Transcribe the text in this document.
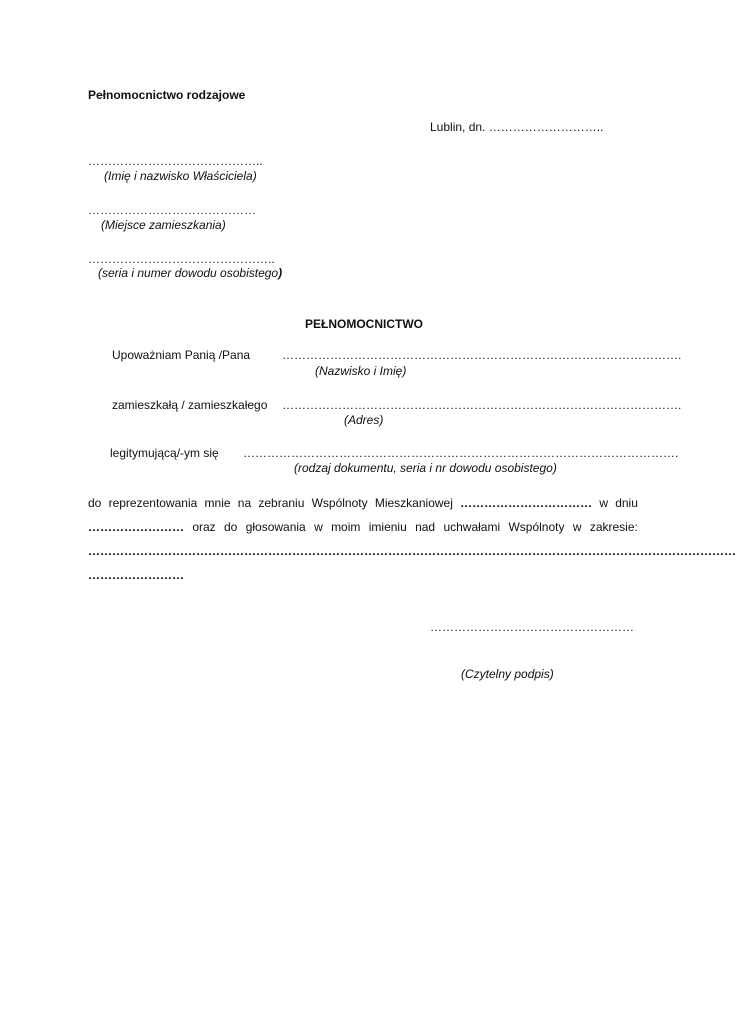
Pełnomocnictwo rodzajowe
Lublin, dn. ………………………..
……………………………………..
(Imię i nazwisko Właściciela)
……………………………………
(Miejsce zamieszkania)
………………………………………..
(seria i numer dowodu osobistego)
PEŁNOMOCNICTWO
Upoważniam Panią /Pana	……………………………………………………………………………………….
(Nazwisko i Imię)
zamieszkałą / zamieszkałego ……………………………………………………………………………………….
(Adres)
legitymującą/-ym się ……………………………………………………………………………………………….
(rodzaj dokumentu, seria i nr dowodu osobistego)
do reprezentowania mnie na zebraniu Wspólnoty Mieszkaniowej …………………………… w dniu
…………………… oraz do głosowania w moim imieniu nad uchwałami Wspólnoty w zakresie:
………………………………………………………………………………………………………………………………………………
……………………
……………………………………………
(Czytelny podpis)
